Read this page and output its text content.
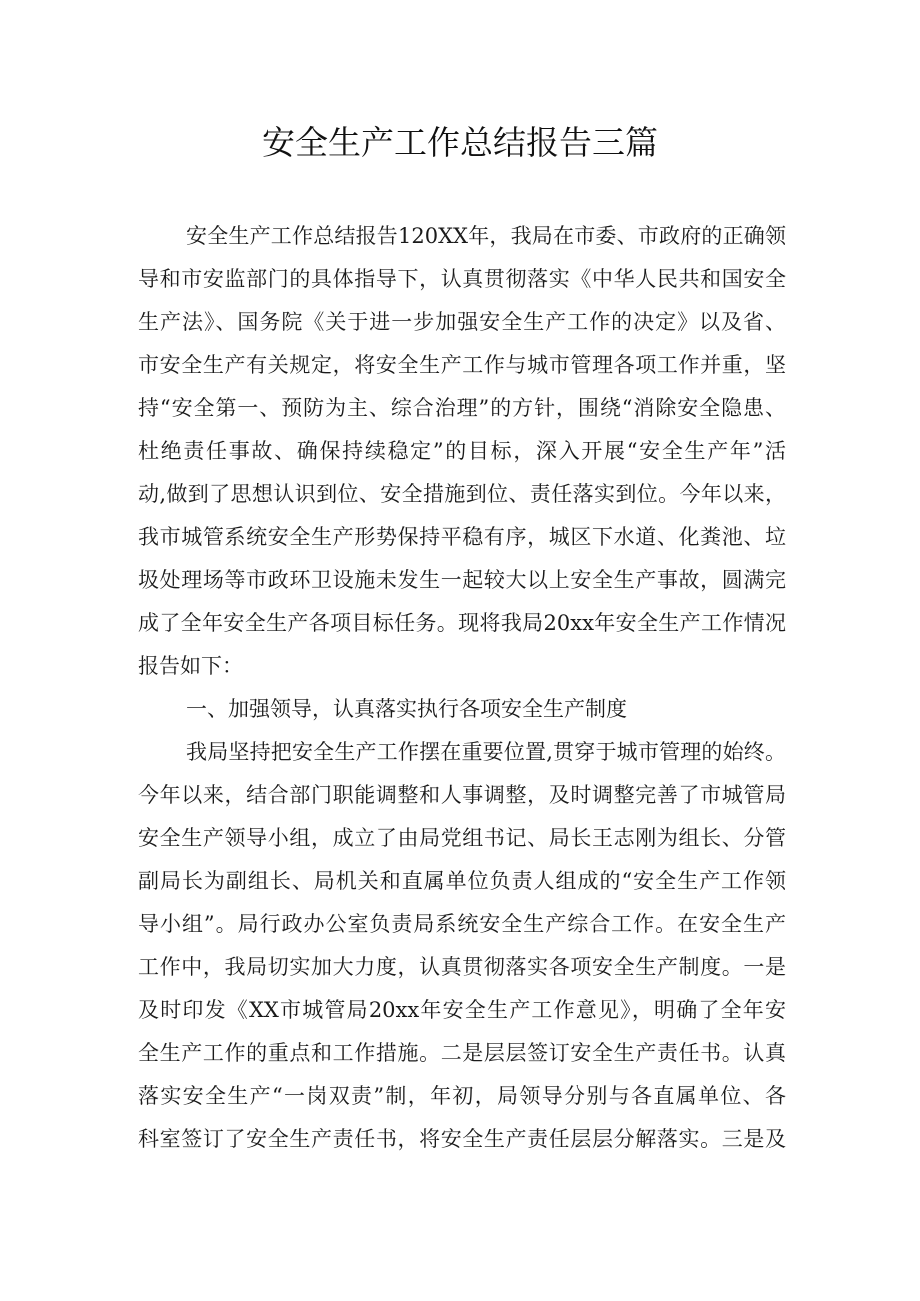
安全生产工作总结报告三篇
安全生产工作总结报告120XX年，我局在市委、市政府的正确领
导和市安监部门的具体指导下，认真贯彻落实《中华人民共和国安全
生产法》、国务院《关于进一步加强安全生产工作的决定》以及省、
市安全生产有关规定，将安全生产工作与城市管理各项工作并重，坚
持“安全第一、预防为主、综合治理”的方针，围绕“消除安全隐患、
杜绝责任事故、确保持续稳定”的目标，深入开展“安全生产年”活
动,做到了思想认识到位、安全措施到位、责任落实到位。今年以来，
我市城管系统安全生产形势保持平稳有序，城区下水道、化粪池、垃
圾处理场等市政环卫设施未发生一起较大以上安全生产事故，圆满完
成了全年安全生产各项目标任务。现将我局20xx年安全生产工作情况
报告如下：
一、加强领导，认真落实执行各项安全生产制度
我局坚持把安全生产工作摆在重要位置,贯穿于城市管理的始终。
今年以来，结合部门职能调整和人事调整，及时调整完善了市城管局
安全生产领导小组，成立了由局党组书记、局长王志刚为组长、分管
副局长为副组长、局机关和直属单位负责人组成的“安全生产工作领
导小组”。局行政办公室负责局系统安全生产综合工作。在安全生产
工作中，我局切实加大力度，认真贯彻落实各项安全生产制度。一是
及时印发《XX市城管局20xx年安全生产工作意见》，明确了全年安
全生产工作的重点和工作措施。二是层层签订安全生产责任书。认真
落实安全生产“一岗双责”制，年初，局领导分别与各直属单位、各
科室签订了安全生产责任书，将安全生产责任层层分解落实。三是及
